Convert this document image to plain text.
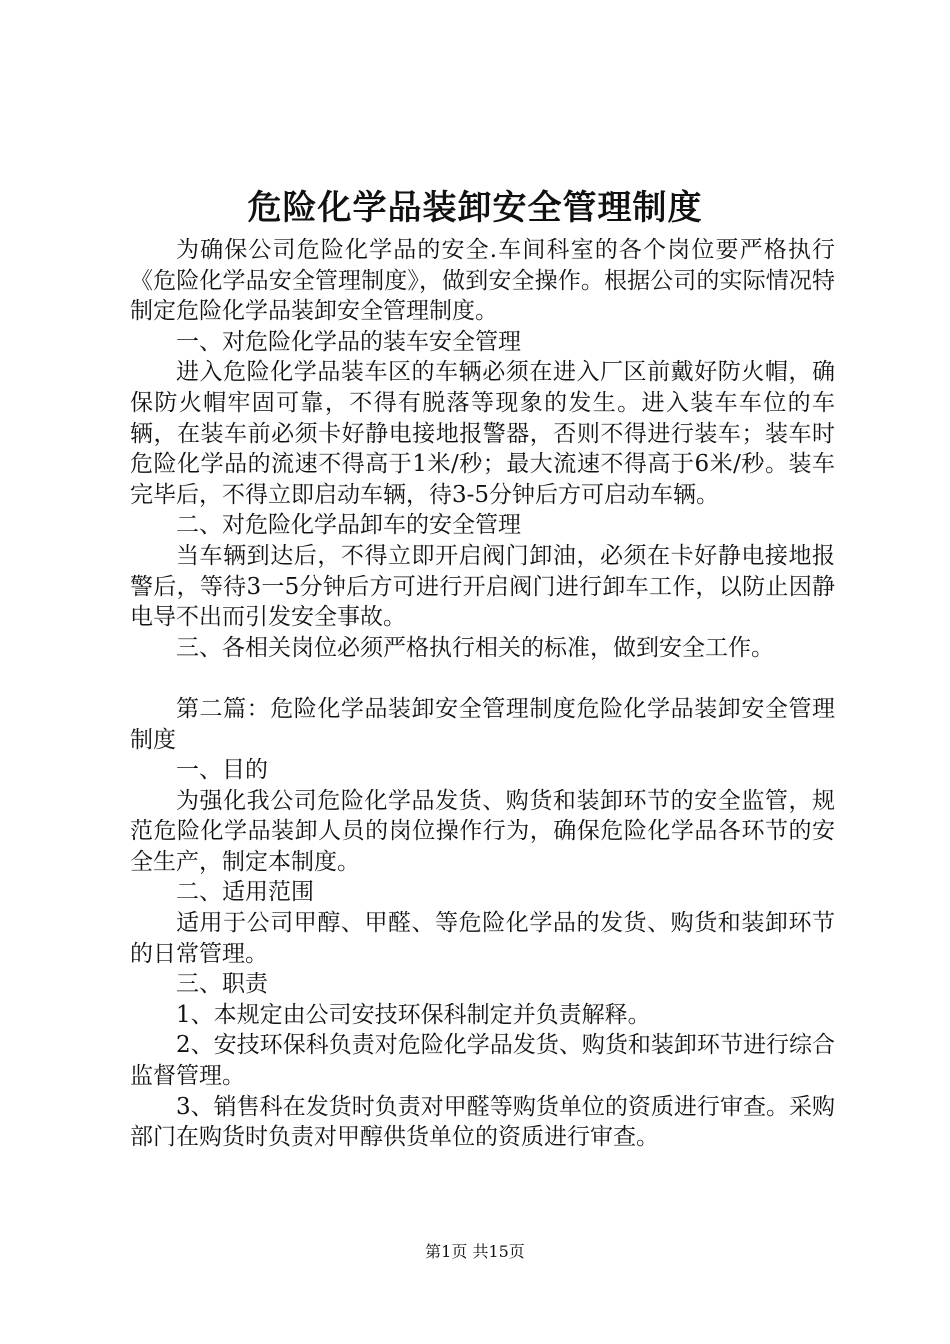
危险化学品装卸安全管理制度

为确保公司危险化学品的安全.车间科室的各个岗位要严格执行《危险化学品安全管理制度》，做到安全操作。根据公司的实际情况特制定危险化学品装卸安全管理制度。

一、对危险化学品的装车安全管理

进入危险化学品装车区的车辆必须在进入厂区前戴好防火帽，确保防火帽牢固可靠，不得有脱落等现象的发生。进入装车车位的车辆，在装车前必须卡好静电接地报警器，否则不得进行装车；装车时危险化学品的流速不得高于1米/秒；最大流速不得高于6米/秒。装车完毕后，不得立即启动车辆，待3-5分钟后方可启动车辆。

二、对危险化学品卸车的安全管理

当车辆到达后，不得立即开启阀门卸油，必须在卡好静电接地报警后，等待3一5分钟后方可进行开启阀门进行卸车工作，以防止因静电导不出而引发安全事故。

三、各相关岗位必须严格执行相关的标准，做到安全工作。

第二篇：危险化学品装卸安全管理制度危险化学品装卸安全管理制度

一、目的

为强化我公司危险化学品发货、购货和装卸环节的安全监管，规范危险化学品装卸人员的岗位操作行为，确保危险化学品各环节的安全生产，制定本制度。

二、适用范围

适用于公司甲醇、甲醛、等危险化学品的发货、购货和装卸环节的日常管理。

三、职责

1、本规定由公司安技环保科制定并负责解释。

2、安技环保科负责对危险化学品发货、购货和装卸环节进行综合监督管理。

3、销售科在发货时负责对甲醛等购货单位的资质进行审查。采购部门在购货时负责对甲醇供货单位的资质进行审查。

第1页 共15页
